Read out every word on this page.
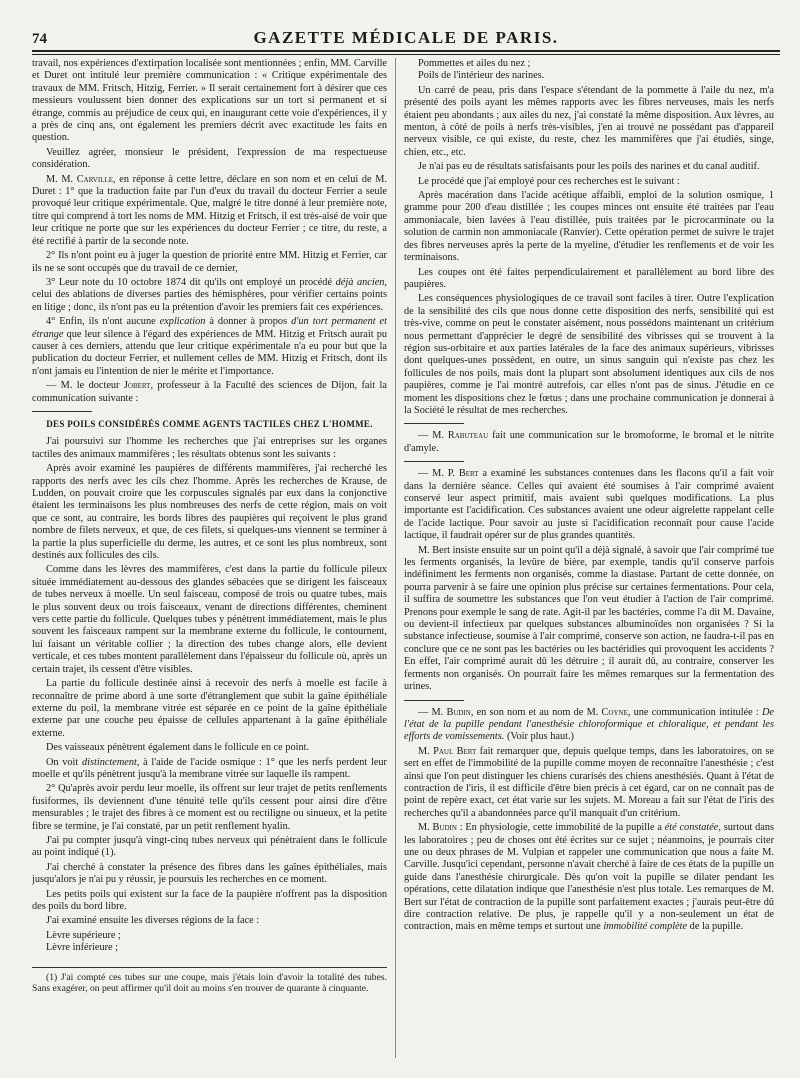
74	GAZETTE MÉDICALE DE PARIS.

travail, nos expériences d'extirpation localisée sont mentionnées ; enfin, MM. Carville et Duret ont intitulé leur première communication : « Critique expérimentale des travaux de MM. Fritsch, Hitzig, Ferrier. » Il serait certainement fort à désirer que ces messieurs voulussent bien donner des explications sur un tort si permanent et si étrange, commis au préjudice de ceux qui, en inaugurant cette voie d'expériences, il y a près de cinq ans, ont également les premiers décrit avec exactitude les faits en question.

Veuillez agréer, monsieur le président, l'expression de ma respectueuse considération.

M. M. Carville, en réponse à cette lettre, déclare en son nom et en celui de M. Duret : 1° que la traduction faite par l'un d'eux du travail du docteur Ferrier a seule provoqué leur critique expérimentale. Que, malgré le titre donné à leur première note, titre qui comprend à tort les noms de MM. Hitzig et Fritsch, il est très-aisé de voir que leur critique ne porte que sur les expériences du docteur Ferrier ; ce titre, du reste, a été rectifié à partir de la seconde note.

2° Ils n'ont point eu à juger la question de priorité entre MM. Hitzig et Ferrier, car ils ne se sont occupés que du travail de ce dernier,

3° Leur note du 10 octobre 1874 dit qu'ils ont employé un procédé déjà ancien, celui des ablations de diverses parties des hémisphères, pour vérifier certains points en litige ; donc, ils n'ont pas eu la prétention d'avoir les premiers fait ces expériences.

4° Enfin, ils n'ont aucune explication à donner à propos d'un tort permanent et étrange que leur silence à l'égard des expériences de MM. Hitzig et Fritsch aurait pu causer à ces derniers, attendu que leur critique expérimentale n'a eu pour but que la publication du docteur Ferrier, et nullement celles de MM. Hitzig et Fritsch, dont ils n'ont jamais eu l'intention de nier le mérite et l'importance.

— M. le docteur Jobert, professeur à la Faculté des sciences de Dijon, fait la communication suivante :

DES POILS CONSIDÉRÉS COMME AGENTS TACTILES CHEZ L'HOMME.

J'ai poursuivi sur l'homme les recherches que j'ai entreprises sur les organes tactiles des animaux mammifères ; les résultats obtenus sont les suivants :

Après avoir examiné les paupières de différents mammifères, j'ai recherché les rapports des nerfs avec les cils chez l'homme. Après les recherches de Krause, de Ludden, on pouvait croire que les corpuscules signalés par eux dans la conjonctive étaient les terminaisons les plus nombreuses des nerfs de cette région, mais on voit que ce sont, au contraire, les bords libres des paupières qui reçoivent le plus grand nombre de filets nerveux, et que, de ces filets, si quelques-uns viennent se terminer à la partie la plus superficielle du derme, les autres, et ce sont les plus nombreux, sont destinés aux follicules des cils.

Comme dans les lèvres des mammifères, c'est dans la partie du follicule pileux située immédiatement au-dessous des glandes sébacées que se dirigent les faisceaux de tubes nerveux à moelle. Un seul faisceau, composé de trois ou quatre tubes, mais le plus souvent deux ou trois faisceaux, venant de directions différentes, cheminent vers cette partie du follicule. Quelques tubes y pénètrent immédiatement, mais le plus souvent les faisceaux rampent sur la membrane externe du follicule, le contournent, lui faisant un véritable collier ; la direction des tubes change alors, elle devient verticale, et ces tubes montent parallèlement dans l'épaisseur du follicule où, après un certain trajet, ils cessent d'être visibles.

La partie du follicule destinée ainsi à recevoir des nerfs à moelle est facile à reconnaître de prime abord à une sorte d'étranglement que subit la gaîne épithéliale externe du poil, la membrane vitrée est séparée en ce point de la gaîne épithéliale externe par une couche peu épaisse de cellules appartenant à la gaîne épithéliale externe.

Des vaisseaux pénètrent également dans le follicule en ce point.

On voit distinctement, à l'aide de l'acide osmique : 1° que les nerfs perdent leur moelle et qu'ils pénètrent jusqu'à la membrane vitrée sur laquelle ils rampent.

2° Qu'après avoir perdu leur moelle, ils offrent sur leur trajet de petits renflements fusiformes, ils deviennent d'une ténuité telle qu'ils cessent pour ainsi dire d'être mensurables ; le trajet des fibres à ce moment est ou rectiligne ou sinueux, et la petite fibre se termine, je l'ai constaté, par un petit renflement hyalin.

J'ai pu compter jusqu'à vingt-cinq tubes nerveux qui pénètraient dans le follicule au point indiqué (1).

J'ai cherché à constater la présence des fibres dans les gaînes épithéliales, mais jusqu'alors je n'ai pu y réussir, je poursuis les recherches en ce moment.

Les petits poils qui existent sur la face de la paupière n'offrent pas la disposition des poils du bord libre.

J'ai examiné ensuite les diverses régions de la face :

Lèvre supérieure ;
Lèvre inférieure ;

(1) J'ai compté ces tubes sur une coupe, mais j'étais loin d'avoir la totalité des tubes. Sans exagérer, on peut affirmer qu'il doit au moins s'en trouver de quarante à cinquante.

Pommettes et ailes du nez ;
Poils de l'intérieur des narines.

Un carré de peau, pris dans l'espace s'étendant de la pommette à l'aile du nez, m'a présenté des poils ayant les mêmes rapports avec les fibres nerveuses, mais les nerfs étaient peu abondants ; aux ailes du nez, j'ai constaté la même disposition. Aux lèvres, au menton, à côté de poils à nerfs très-visibles, j'en ai trouvé ne possédant pas d'appareil nerveux visible, ce qui existe, du reste, chez les mammifères que j'ai étudiés, singe, chien, etc., etc.

Je n'ai pas eu de résultats satisfaisants pour les poils des narines et du canal auditif.

Le procédé que j'ai employé pour ces recherches est le suivant :

Après macération dans l'acide acétique affaibli, emploi de la solution osmique, 1 gramme pour 200 d'eau distillée ; les coupes minces ont ensuite été traitées par l'eau ammoniacale, bien lavées à l'eau distillée, puis traitées par le picrocarminate ou la solution de carmin non ammoniacale (Ranvier). Cette opération permet de suivre le trajet des fibres nerveuses après la perte de la myeline, d'étudier les renflements et de voir les terminaisons.

Les coupes ont été faites perpendiculairement et parallèlement au bord libre des paupières.

Les conséquences physiologiques de ce travail sont faciles à tirer. Outre l'explication de la sensibilité des cils que nous donne cette disposition des nerfs, sensibilité qui est très-vive, comme on peut le constater aisément, nous possédons maintenant un critérium nous permettant d'apprécier le degré de sensibilité des vibrisses qui se trouvent à la région sus-orbitaire et aux parties latérales de la face des animaux supérieurs, vibrisses dont quelques-unes possèdent, en outre, un sinus sanguin qui n'existe pas chez les follicules de nos poils, mais dont la plupart sont absolument identiques aux cils de nos paupières, comme je l'ai montré autrefois, car elles n'ont pas de sinus. J'étudie en ce moment les dispositions chez le fœtus ; dans une prochaine communication je donnerai à la Société le résultat de mes recherches.

— M. Rabuteau fait une communication sur le bromoforme, le bromal et le nitrite d'amyle.

— M. P. Bert a examiné les substances contenues dans les flacons qu'il a fait voir dans la dernière séance. Celles qui avaient été soumises à l'air comprimé avaient conservé leur aspect primitif, mais avaient subi quelques modifications. La plus importante est l'acidification. Ces substances avaient une odeur aigrelette rappelant celle de l'acide lactique. Pour savoir au juste si l'acidification reconnaît pour cause l'acide lactique, il faudrait opérer sur de plus grandes quantités.

M. Bert insiste ensuite sur un point qu'il a déjà signalé, à savoir que l'air comprimé tue les ferments organisés, la levûre de bière, par exemple, tandis qu'il conserve parfois indéfiniment les ferments non organisés, comme la diastase. Partant de cette donnée, on pourra parvenir à se faire une opinion plus précise sur certaines fermentations. Pour cela, il suffira de soumettre les substances que l'on veut étudier à l'action de l'air comprimé. Prenons pour exemple le sang de rate. Agit-il par les bactéries, comme l'a dit M. Davaine, ou devient-il infectieux par quelques substances albuminoïdes non organisées ? Si la substance infectieuse, soumise à l'air comprimé, conserve son action, ne faudra-t-il pas en conclure que ce ne sont pas les bactéries ou les bactéridies qui provoquent les accidents ? En effet, l'air comprimé aurait dû les détruire ; il aurait dû, au contraire, conserver les ferments non organisés. On pourrait faire les mêmes remarques sur la fermentation des urines.

— M. Budin, en son nom et au nom de M. Coyne, une communication intitulée : De l'état de la pupille pendant l'anesthésie chloroformique et chloralique, et pendant les efforts de vomissements. (Voir plus haut.)

M. Paul Bert fait remarquer que, depuis quelque temps, dans les laboratoires, on se sert en effet de l'immobilité de la pupille comme moyen de reconnaître l'anesthésie ; c'est ainsi que l'on peut distinguer les chiens curarisés des chiens anesthésiés. Quant à l'état de contraction de l'iris, il est difficile d'être bien précis à cet égard, car on ne connaît pas de point de repère exact, cet état varie sur les sujets. M. Moreau a fait sur l'état de l'iris des recherches qu'il a abandonnées parce qu'il manquait d'un critérium.

M. Budin : En physiologie, cette immobilité de la pupille a été constatée, surtout dans les laboratoires ; peu de choses ont été écrites sur ce sujet ; néanmoins, je pourrais citer une ou deux phrases de M. Vulpian et rappeler une communication que nous a faite M. Carville. Jusqu'ici cependant, personne n'avait cherché à faire de ces états de la pupille un guide dans l'anesthésie chirurgicale. Dès qu'on voit la pupille se dilater pendant les opérations, cette dilatation indique que l'anesthésie n'est plus totale. Les remarques de M. Bert sur l'état de contraction de la pupille sont parfaitement exactes ; j'aurais peut-être dû dire contraction relative. De plus, je rappelle qu'il y a non-seulement un état de contraction, mais en même temps et surtout une immobilité complète de la pupille.
